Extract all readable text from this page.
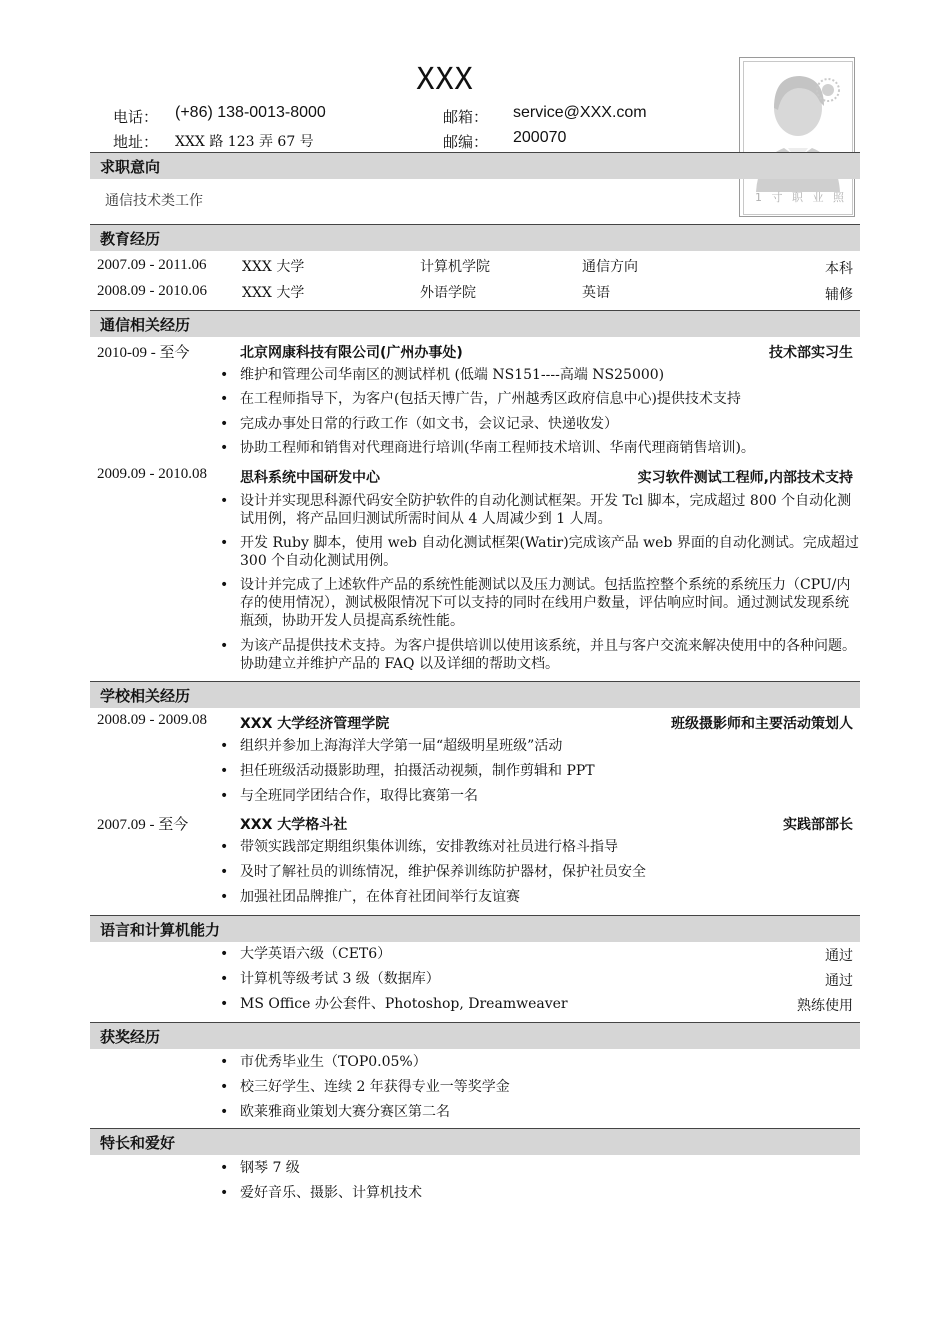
XXX
电话： (+86) 138-0013-8000	邮箱： service@XXX.com
地址： XXX 路 123 弄 67 号	邮编： 200070
1 寸 职 业 照
求职意向
通信技术类工作
教育经历
2007.09 - 2011.06	XXX 大学	计算机学院	通信方向	本科
2008.09 - 2010.06	XXX 大学	外语学院	英语	辅修
通信相关经历
2010-09 - 至今	北京网康科技有限公司(广州办事处)	技术部实习生
• 维护和管理公司华南区的测试样机 (低端 NS151----高端 NS25000)
• 在工程师指导下，为客户(包括天博广告，广州越秀区政府信息中心)提供技术支持
• 完成办事处日常的行政工作（如文书，会议记录、快递收发）
• 协助工程师和销售对代理商进行培训(华南工程师技术培训、华南代理商销售培训)。
2009.09 - 2010.08 思科系统中国研发中心	实习软件测试工程师,内部技术支持
• 设计并实现思科源代码安全防护软件的自动化测试框架。开发 Tcl 脚本，完成超过 800 个自动化测试用例，将产品回归测试所需时间从 4 人周减少到 1 人周。
• 开发 Ruby 脚本，使用 web 自动化测试框架(Watir)完成该产品 web 界面的自动化测试。完成超过 300 个自动化测试用例。
• 设计并完成了上述软件产品的系统性能测试以及压力测试。包括监控整个系统的系统压力（CPU/内存的使用情况），测试极限情况下可以支持的同时在线用户数量，评估响应时间。通过测试发现系统瓶颈，协助开发人员提高系统性能。
• 为该产品提供技术支持。为客户提供培训以使用该系统，并且与客户交流来解决使用中的各种问题。协助建立并维护产品的 FAQ 以及详细的帮助文档。
学校相关经历
2008.09 - 2009.08 XXX 大学经济管理学院	班级摄影师和主要活动策划人
• 组织并参加上海海洋大学第一届“超级明星班级”活动
• 担任班级活动摄影助理，拍摄活动视频，制作剪辑和 PPT
• 与全班同学团结合作，取得比赛第一名
2007.09 - 至今	XXX 大学格斗社	实践部部长
• 带领实践部定期组织集体训练，安排教练对社员进行格斗指导
• 及时了解社员的训练情况，维护保养训练防护器材，保护社员安全
• 加强社团品牌推广，在体育社团间举行友谊赛
语言和计算机能力
• 大学英语六级（CET6）	通过
• 计算机等级考试 3 级（数据库）	通过
• MS Office 办公套件、Photoshop, Dreamweaver	熟练使用
获奖经历
• 市优秀毕业生（TOP0.05%）
• 校三好学生、连续 2 年获得专业一等奖学金
• 欧莱雅商业策划大赛分赛区第二名
特长和爱好
• 钢琴 7 级
• 爱好音乐、摄影、计算机技术
